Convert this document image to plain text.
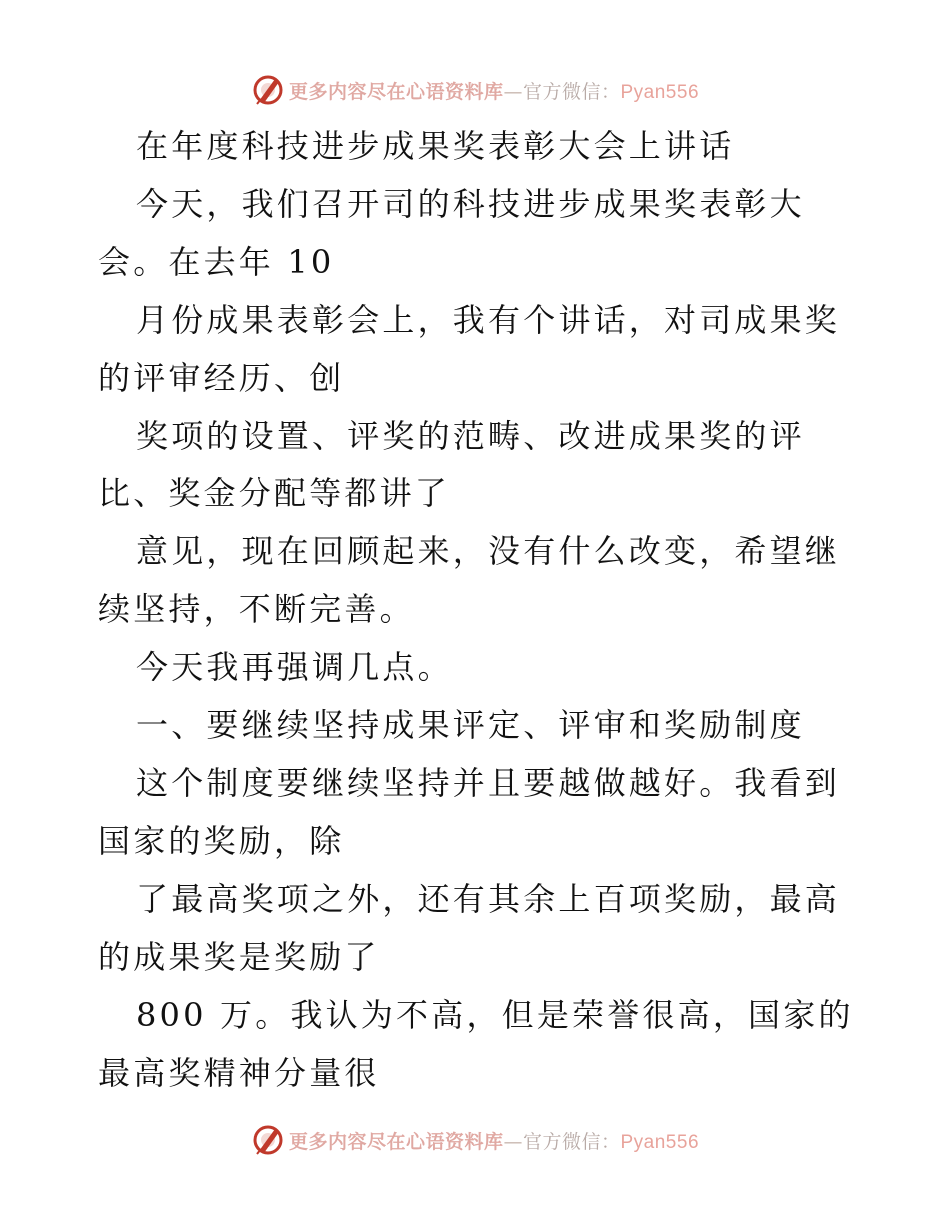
更多内容尽在心语资料库—官方微信：Pyan556

在年度科技进步成果奖表彰大会上讲话

今天，我们召开司的科技进步成果奖表彰大会。在去年 10

月份成果表彰会上，我有个讲话，对司成果奖的评审经历、创

奖项的设置、评奖的范畴、改进成果奖的评比、奖金分配等都讲了

意见，现在回顾起来，没有什么改变，希望继续坚持，不断完善。

今天我再强调几点。

一、要继续坚持成果评定、评审和奖励制度

这个制度要继续坚持并且要越做越好。我看到国家的奖励，除

了最高奖项之外，还有其余上百项奖励，最高的成果奖是奖励了

800 万。我认为不高，但是荣誉很高，国家的最高奖精神分量很

更多内容尽在心语资料库—官方微信：Pyan556
